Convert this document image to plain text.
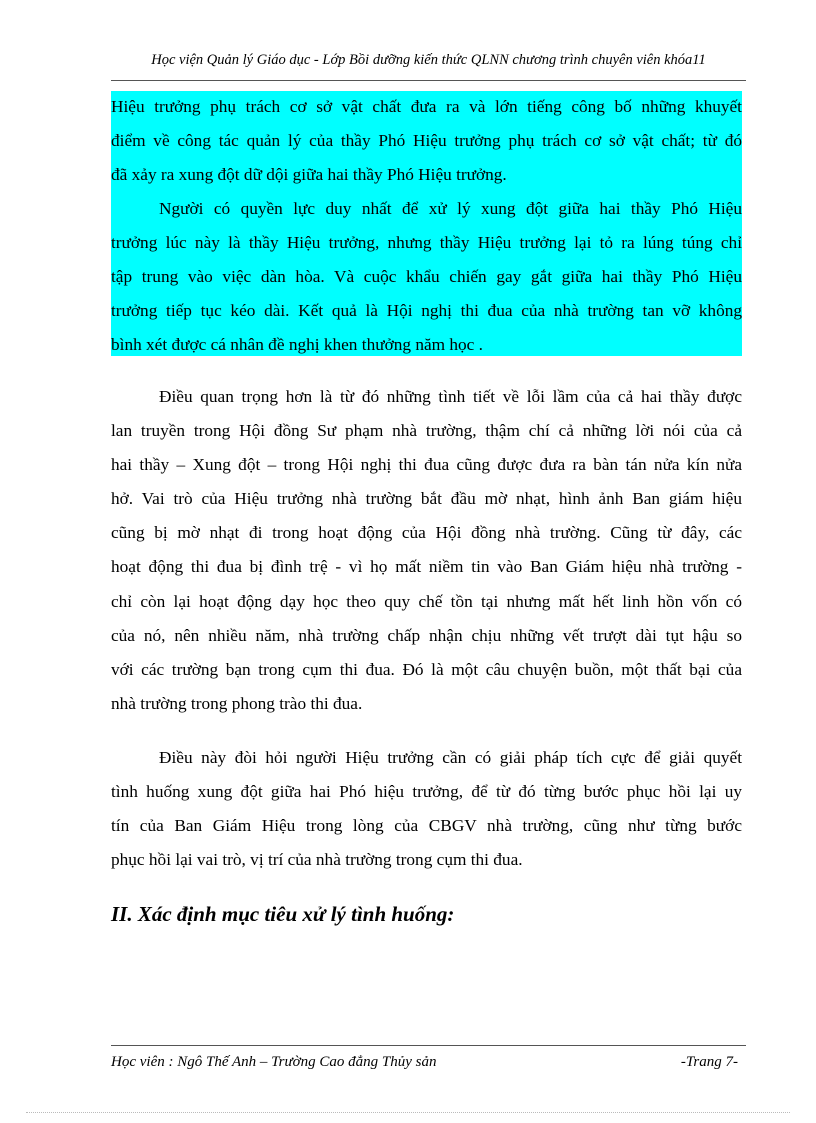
Học viện Quản lý Giáo dục - Lớp Bồi dưỡng kiến thức QLNN chương trình chuyên viên khóa11
Hiệu trưởng phụ trách cơ sở vật chất đưa ra và lớn tiếng công bố những khuyết
điểm về công tác quản lý của thầy Phó Hiệu trưởng phụ trách cơ sở vật chất; từ đó
đã xảy ra xung đột dữ dội giữa hai thầy Phó Hiệu trưởng.
Người có quyền lực duy nhất để xử lý xung đột giữa hai thầy Phó Hiệu
trưởng lúc này là thầy Hiệu trưởng, nhưng thầy Hiệu trưởng lại tỏ ra lúng túng chỉ
tập trung vào việc dàn hòa. Và cuộc khẩu chiến gay gắt giữa hai thầy Phó Hiệu
trưởng tiếp tục kéo dài. Kết quả là Hội nghị thi đua của nhà trường tan vỡ không
bình xét được cá nhân đề nghị khen thưởng năm học .
Điều quan trọng hơn là từ đó những tình tiết về lỗi lầm của cả hai thầy được
lan truyền trong Hội đồng Sư phạm nhà trường, thậm chí cả những lời nói của cả
hai thầy – Xung đột – trong Hội nghị thi đua cũng được đưa ra bàn tán nửa kín nửa
hở. Vai trò của Hiệu trưởng nhà trường bắt đầu mờ nhạt, hình ảnh Ban giám hiệu
cũng bị mờ nhạt đi trong hoạt động của Hội đồng nhà trường. Cũng từ đây, các
hoạt động thi đua bị đình trệ - vì họ mất niềm tin vào Ban Giám hiệu nhà trường -
chỉ còn lại hoạt động dạy học theo quy chế tồn tại nhưng mất hết linh hồn vốn có
của nó, nên nhiều năm, nhà trường chấp nhận chịu những vết trượt dài tụt hậu so
với các trường bạn trong cụm thi đua. Đó là một câu chuyện buồn, một thất bại của
nhà trường trong phong trào thi đua.
Điều này đòi hỏi người Hiệu trưởng cần có giải pháp tích cực để giải quyết
tình huống xung đột giữa hai Phó hiệu trưởng, để từ đó từng bước phục hồi lại uy
tín của Ban Giám Hiệu trong lòng của CBGV nhà trường, cũng như từng bước
phục hồi lại vai trò, vị trí của nhà trường trong cụm thi đua.
II. Xác định mục tiêu xử lý tình huống:
Học viên : Ngô Thế Anh – Trường Cao đẳng Thủy sản	-Trang 7-
